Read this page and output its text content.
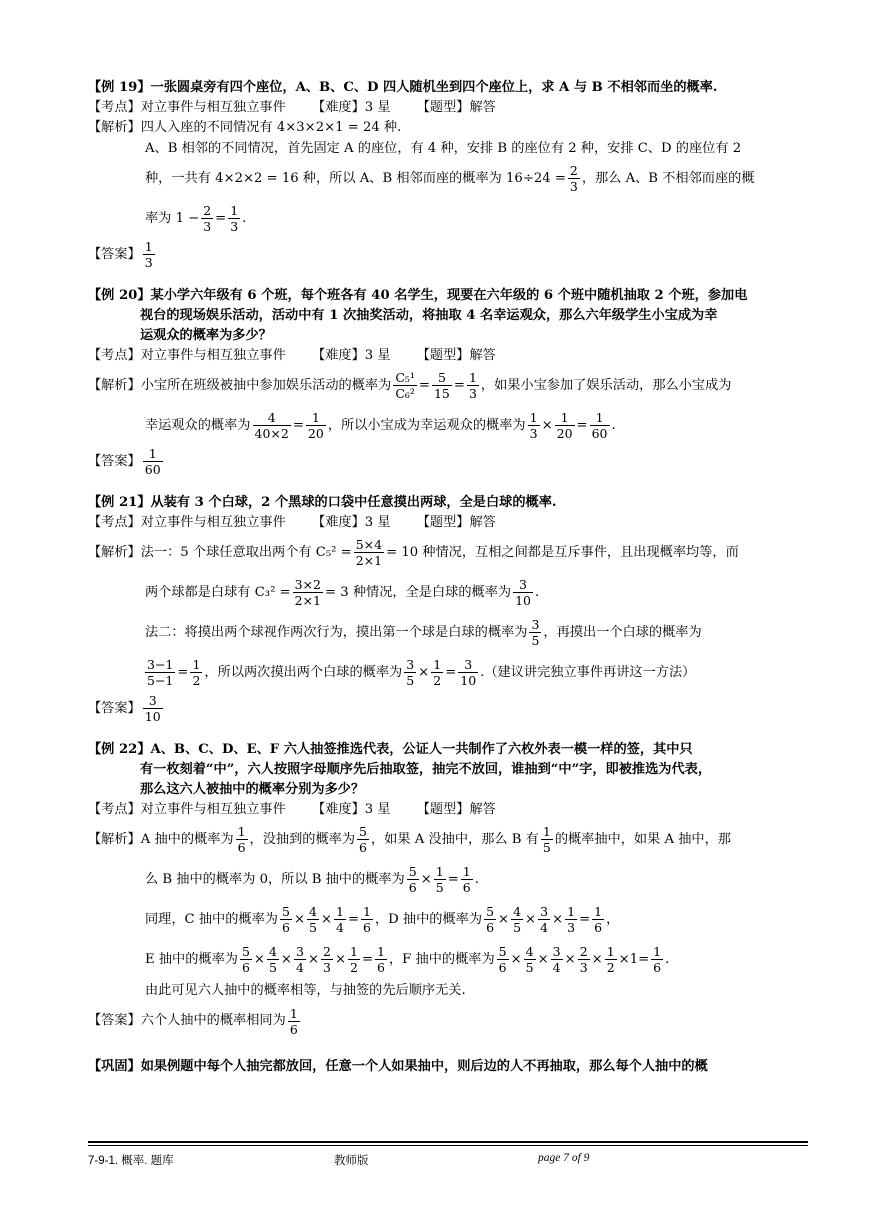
【例 19】一张圆桌旁有四个座位，A、B、C、D 四人随机坐到四个座位上，求 A 与 B 不相邻而坐的概率.
【考点】对立事件与相互独立事件 【难度】3 星 【题型】解答
【解析】四人入座的不同情况有 4×3×2×1 = 24 种.

A、B 相邻的不同情况，首先固定 A 的座位，有 4 种，安排 B 的座位有 2 种，安排 C、D 的座位有 2

种，一共有 4×2×2 = 16 种，所以 A、B 相邻而座的概率为 $16\div 24 = \frac{2}{3}$ ，那么 A、B 不相邻而座的概

率为 $1 - \frac{2}{3} = \frac{1}{3}$ .

【答案】 $\frac{1}{3}$
【例 20】某小学六年级有 6 个班，每个班各有 40 名学生，现要在六年级的 6 个班中随机抽取 2 个班，参加电
视台的现场娱乐活动，活动中有 1 次抽奖活动，将抽取 4 名幸运观众，那么六年级学生小宝成为幸
运观众的概率为多少？
【考点】对立事件与相互独立事件 【难度】3 星 【题型】解答
【解析】小宝所在班级被抽中参加娱乐活动的概率为 $\frac{\text{C₅¹}}{\text{C₆²}} = \frac{5}{15} = \frac{1}{3}$ ，如果小宝参加了娱乐活动，那么小宝成为

幸运观众的概率为 $\frac{4}{40\times 2} = \frac{1}{20}$ ，所以小宝成为幸运观众的概率为 $\frac{1}{3} \times \frac{1}{20} = \frac{1}{60}$ .

【答案】 $\frac{1}{60}$
【例 21】从装有 3 个白球，2 个黑球的口袋中任意摸出两球，全是白球的概率.
【考点】对立事件与相互独立事件 【难度】3 星 【题型】解答
【解析】法一：5 个球任意取出两个有 $C_5^2 = \frac{5\times 4}{2\times 1} = 10$ 种情况，互相之间都是互斥事件，且出现概率均等，而

两个球都是白球有 $C_3^2 = \frac{3\times 2}{2\times 1} = 3$ 种情况，全是白球的概率为 $\frac{3}{10}$ .

法二：将摸出两个球视作两次行为，摸出第一个球是白球的概率为 $\frac{3}{5}$ ，再摸出一个白球的概率为

$\frac{3-1}{5-1} = \frac{1}{2}$ ，所以两次摸出两个白球的概率为 $\frac{3}{5} \times \frac{1}{2} = \frac{3}{10}$ .（建议讲完独立事件再讲这一方法）

【答案】 $\frac{3}{10}$
【例 22】A、B、C、D、E、F 六人抽签推选代表，公证人一共制作了六枚外表一模一样的签，其中只
有一枚刻着“中”，六人按照字母顺序先后抽取签，抽完不放回，谁抽到“中”字，即被推选为代表，
那么这六人被抽中的概率分别为多少？
【考点】对立事件与相互独立事件 【难度】3 星 【题型】解答
【解析】A 抽中的概率为 $\frac{1}{6}$ ，没抽到的概率为 $\frac{5}{6}$ ，如果 A 没抽中，那么 B 有 $\frac{1}{5}$ 的概率抽中，如果 A 抽中，那

么 B 抽中的概率为 0，所以 B 抽中的概率为 $\frac{5}{6} \times \frac{1}{5} = \frac{1}{6}$ .

同理，C 抽中的概率为 $\frac{5}{6} \times \frac{4}{5} \times \frac{1}{4} = \frac{1}{6}$ ，D 抽中的概率为 $\frac{5}{6} \times \frac{4}{5} \times \frac{3}{4} \times \frac{1}{3} = \frac{1}{6}$ ，

E 抽中的概率为 $\frac{5}{6} \times \frac{4}{5} \times \frac{3}{4} \times \frac{2}{3} \times \frac{1}{2} = \frac{1}{6}$ ，F 抽中的概率为 $\frac{5}{6} \times \frac{4}{5} \times \frac{3}{4} \times \frac{2}{3} \times \frac{1}{2} \times 1= \frac{1}{6}$ .

由此可见六人抽中的概率相等，与抽签的先后顺序无关.

【答案】 六个人抽中的概率相同为 $\frac{1}{6}$
【巩固】如果例题中每个人抽完都放回，任意一个人如果抽中，则后边的人不再抽取，那么每个人抽中的概
7-9-1. 概率. 题库	教师版	page 7 of 9
